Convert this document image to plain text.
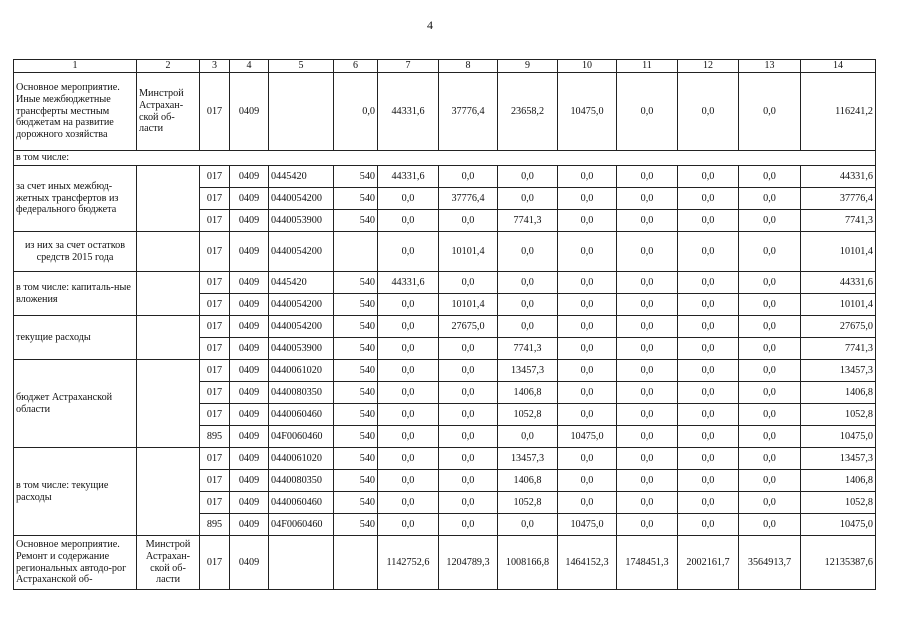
4
1	2	3	4	5	6	7	8	9	10	11	12	13	14
Основное мероприятие. Иные межбюджетные трансферты местным бюджетам на развитие дорожного хозяйства	Минстрой Астрахан-ской об-ласти	017	0409		0,0	44331,6	37776,4	23658,2	10475,0	0,0	0,0	0,0	116241,2
в том числе:													
за счет иных межбюд-жетных трансфертов из федерального бюджета		017	0409	0445420	540	44331,6	0,0	0,0	0,0	0,0	0,0	0,0	44331,6
		017	0409	0440054200	540	0,0	37776,4	0,0	0,0	0,0	0,0	0,0	37776,4
		017	0409	0440053900	540	0,0	0,0	7741,3	0,0	0,0	0,0	0,0	7741,3
из них за счет остатков средств 2015 года		017	0409	0440054200		0,0	10101,4	0,0	0,0	0,0	0,0	0,0	10101,4
в том числе: капиталь-ные вложения		017	0409	0445420	540	44331,6	0,0	0,0	0,0	0,0	0,0	0,0	44331,6
		017	0409	0440054200	540	0,0	10101,4	0,0	0,0	0,0	0,0	0,0	10101,4
текущие расходы		017	0409	0440054200	540	0,0	27675,0	0,0	0,0	0,0	0,0	0,0	27675,0
		017	0409	0440053900	540	0,0	0,0	7741,3	0,0	0,0	0,0	0,0	7741,3
бюджет Астраханской области		017	0409	0440061020	540	0,0	0,0	13457,3	0,0	0,0	0,0	0,0	13457,3
		017	0409	0440080350	540	0,0	0,0	1406,8	0,0	0,0	0,0	0,0	1406,8
		017	0409	0440060460	540	0,0	0,0	1052,8	0,0	0,0	0,0	0,0	1052,8
		895	0409	04F0060460	540	0,0	0,0	0,0	10475,0	0,0	0,0	0,0	10475,0
в том числе: текущие расходы		017	0409	0440061020	540	0,0	0,0	13457,3	0,0	0,0	0,0	0,0	13457,3
		017	0409	0440080350	540	0,0	0,0	1406,8	0,0	0,0	0,0	0,0	1406,8
		017	0409	0440060460	540	0,0	0,0	1052,8	0,0	0,0	0,0	0,0	1052,8
		895	0409	04F0060460	540	0,0	0,0	0,0	10475,0	0,0	0,0	0,0	10475,0
Основное мероприятие. Ремонт и содержание региональных автодо-рог Астраханской об-	Минстрой Астрахан-ской об-ласти	017	0409			1142752,6	1204789,3	1008166,8	1464152,3	1748451,3	2002161,7	3564913,7	12135387,6
